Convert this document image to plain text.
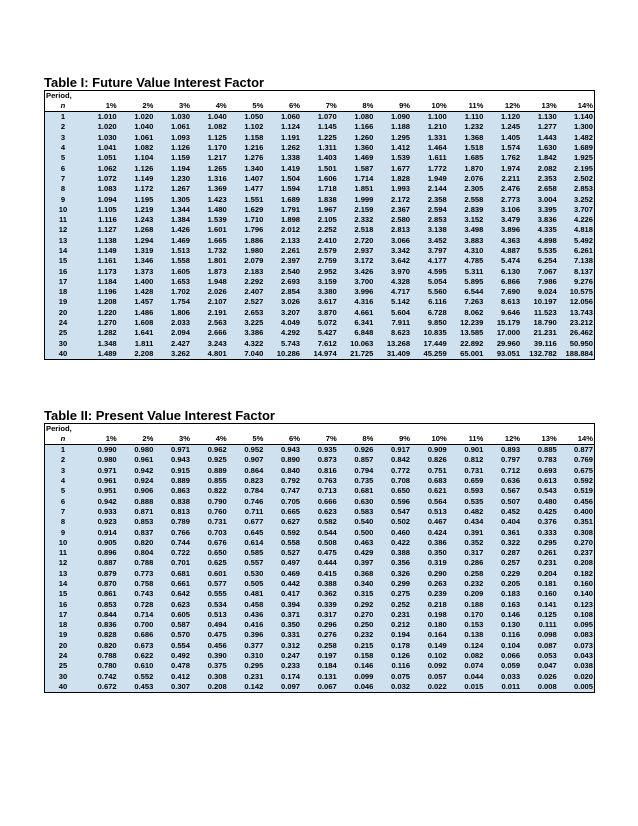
Table I: Future Value Interest Factor
Period,														
n	1%	2%	3%	4%	5%	6%	7%	8%	9%	10%	11%	12%	13%	14%
1	1.010	1.020	1.030	1.040	1.050	1.060	1.070	1.080	1.090	1.100	1.110	1.120	1.130	1.140
2	1.020	1.040	1.061	1.082	1.102	1.124	1.145	1.166	1.188	1.210	1.232	1.245	1.277	1.300
3	1.030	1.061	1.093	1.125	1.158	1.191	1.225	1.260	1.295	1.331	1.368	1.405	1.443	1.482
4	1.041	1.082	1.126	1.170	1.216	1.262	1.311	1.360	1.412	1.464	1.518	1.574	1.630	1.689
5	1.051	1.104	1.159	1.217	1.276	1.338	1.403	1.469	1.539	1.611	1.685	1.762	1.842	1.925
6	1.062	1.126	1.194	1.265	1.340	1.419	1.501	1.587	1.677	1.772	1.870	1.974	2.082	2.195
7	1.072	1.149	1.230	1.316	1.407	1.504	1.606	1.714	1.828	1.949	2.076	2.211	2.353	2.502
8	1.083	1.172	1.267	1.369	1.477	1.594	1.718	1.851	1.993	2.144	2.305	2.476	2.658	2.853
9	1.094	1.195	1.305	1.423	1.551	1.689	1.838	1.999	2.172	2.358	2.558	2.773	3.004	3.252
10	1.105	1.219	1.344	1.480	1.629	1.791	1.967	2.159	2.367	2.594	2.839	3.106	3.395	3.707
11	1.116	1.243	1.384	1.539	1.710	1.898	2.105	2.332	2.580	2.853	3.152	3.479	3.836	4.226
12	1.127	1.268	1.426	1.601	1.796	2.012	2.252	2.518	2.813	3.138	3.498	3.896	4.335	4.818
13	1.138	1.294	1.469	1.665	1.886	2.133	2.410	2.720	3.066	3.452	3.883	4.363	4.898	5.492
14	1.149	1.319	1.513	1.732	1.980	2.261	2.579	2.937	3.342	3.797	4.310	4.887	5.535	6.261
15	1.161	1.346	1.558	1.801	2.079	2.397	2.759	3.172	3.642	4.177	4.785	5.474	6.254	7.138
16	1.173	1.373	1.605	1.873	2.183	2.540	2.952	3.426	3.970	4.595	5.311	6.130	7.067	8.137
17	1.184	1.400	1.653	1.948	2.292	2.693	3.159	3.700	4.328	5.054	5.895	6.866	7.986	9.276
18	1.196	1.428	1.702	2.026	2.407	2.854	3.380	3.996	4.717	5.560	6.544	7.690	9.024	10.575
19	1.208	1.457	1.754	2.107	2.527	3.026	3.617	4.316	5.142	6.116	7.263	8.613	10.197	12.056
20	1.220	1.486	1.806	2.191	2.653	3.207	3.870	4.661	5.604	6.728	8.062	9.646	11.523	13.743
24	1.270	1.608	2.033	2.563	3.225	4.049	5.072	6.341	7.911	9.850	12.239	15.179	18.790	23.212
25	1.282	1.641	2.094	2.666	3.386	4.292	5.427	6.848	8.623	10.835	13.585	17.000	21.231	26.462
30	1.348	1.811	2.427	3.243	4.322	5.743	7.612	10.063	13.268	17.449	22.892	29.960	39.116	50.950
40	1.489	2.208	3.262	4.801	7.040	10.286	14.974	21.725	31.409	45.259	65.001	93.051	132.782	188.884
Table II: Present Value Interest Factor
Period,														
n	1%	2%	3%	4%	5%	6%	7%	8%	9%	10%	11%	12%	13%	14%
1	0.990	0.980	0.971	0.962	0.952	0.943	0.935	0.926	0.917	0.909	0.901	0.893	0.885	0.877
2	0.980	0.961	0.943	0.925	0.907	0.890	0.873	0.857	0.842	0.826	0.812	0.797	0.783	0.769
3	0.971	0.942	0.915	0.889	0.864	0.840	0.816	0.794	0.772	0.751	0.731	0.712	0.693	0.675
4	0.961	0.924	0.889	0.855	0.823	0.792	0.763	0.735	0.708	0.683	0.659	0.636	0.613	0.592
5	0.951	0.906	0.863	0.822	0.784	0.747	0.713	0.681	0.650	0.621	0.593	0.567	0.543	0.519
6	0.942	0.888	0.838	0.790	0.746	0.705	0.666	0.630	0.596	0.564	0.535	0.507	0.480	0.456
7	0.933	0.871	0.813	0.760	0.711	0.665	0.623	0.583	0.547	0.513	0.482	0.452	0.425	0.400
8	0.923	0.853	0.789	0.731	0.677	0.627	0.582	0.540	0.502	0.467	0.434	0.404	0.376	0.351
9	0.914	0.837	0.766	0.703	0.645	0.592	0.544	0.500	0.460	0.424	0.391	0.361	0.333	0.308
10	0.905	0.820	0.744	0.676	0.614	0.558	0.508	0.463	0.422	0.386	0.352	0.322	0.295	0.270
11	0.896	0.804	0.722	0.650	0.585	0.527	0.475	0.429	0.388	0.350	0.317	0.287	0.261	0.237
12	0.887	0.788	0.701	0.625	0.557	0.497	0.444	0.397	0.356	0.319	0.286	0.257	0.231	0.208
13	0.879	0.773	0.681	0.601	0.530	0.469	0.415	0.368	0.326	0.290	0.258	0.229	0.204	0.182
14	0.870	0.758	0.661	0.577	0.505	0.442	0.388	0.340	0.299	0.263	0.232	0.205	0.181	0.160
15	0.861	0.743	0.642	0.555	0.481	0.417	0.362	0.315	0.275	0.239	0.209	0.183	0.160	0.140
16	0.853	0.728	0.623	0.534	0.458	0.394	0.339	0.292	0.252	0.218	0.188	0.163	0.141	0.123
17	0.844	0.714	0.605	0.513	0.436	0.371	0.317	0.270	0.231	0.198	0.170	0.146	0.125	0.108
18	0.836	0.700	0.587	0.494	0.416	0.350	0.296	0.250	0.212	0.180	0.153	0.130	0.111	0.095
19	0.828	0.686	0.570	0.475	0.396	0.331	0.276	0.232	0.194	0.164	0.138	0.116	0.098	0.083
20	0.820	0.673	0.554	0.456	0.377	0.312	0.258	0.215	0.178	0.149	0.124	0.104	0.087	0.073
24	0.788	0.622	0.492	0.390	0.310	0.247	0.197	0.158	0.126	0.102	0.082	0.066	0.053	0.043
25	0.780	0.610	0.478	0.375	0.295	0.233	0.184	0.146	0.116	0.092	0.074	0.059	0.047	0.038
30	0.742	0.552	0.412	0.308	0.231	0.174	0.131	0.099	0.075	0.057	0.044	0.033	0.026	0.020
40	0.672	0.453	0.307	0.208	0.142	0.097	0.067	0.046	0.032	0.022	0.015	0.011	0.008	0.005
